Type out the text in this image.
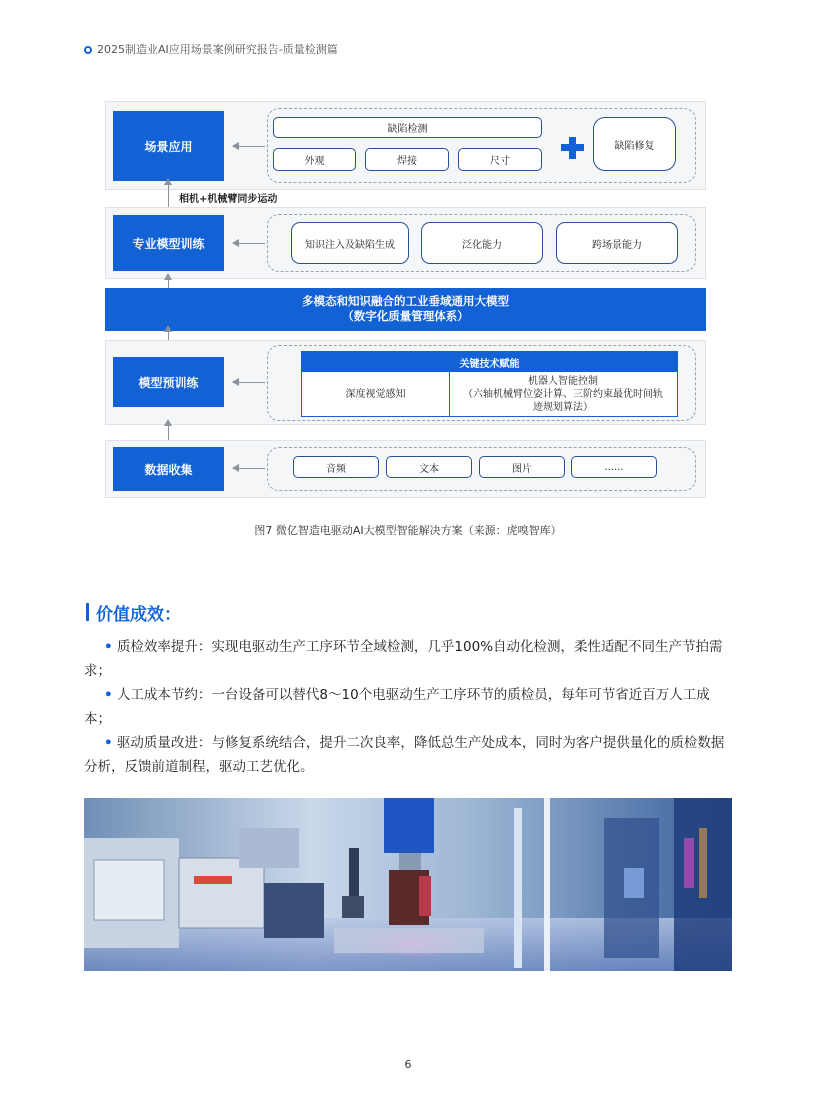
2025制造业AI应用场景案例研究报告-质量检测篇
场景应用
缺陷检测
外观	焊接	尺寸
缺陷修复
相机+机械臂同步运动
专业模型训练	知识注入及缺陷生成	泛化能力	跨场景能力
多模态和知识融合的工业垂域通用大模型
（数字化质量管理体系）
模型预训练
关键技术赋能
深度视觉感知
机器人智能控制
（六轴机械臂位姿计算、三阶约束最优时间轨
迹规划算法）
数据收集	音频	文本	图片	......
图7 微亿智造电驱动AI大模型智能解决方案（来源：虎嗅智库）
价值成效：
• 质检效率提升：实现电驱动生产工序环节全域检测，几乎100%自动化检测，柔性适配不同生产节拍需求；
• 人工成本节约：一台设备可以替代8～10个电驱动生产工序环节的质检员，每年可节省近百万人工成本；
• 驱动质量改进：与修复系统结合，提升二次良率，降低总生产处成本，同时为客户提供量化的质检数据分析，反馈前道制程，驱动工艺优化。
6
